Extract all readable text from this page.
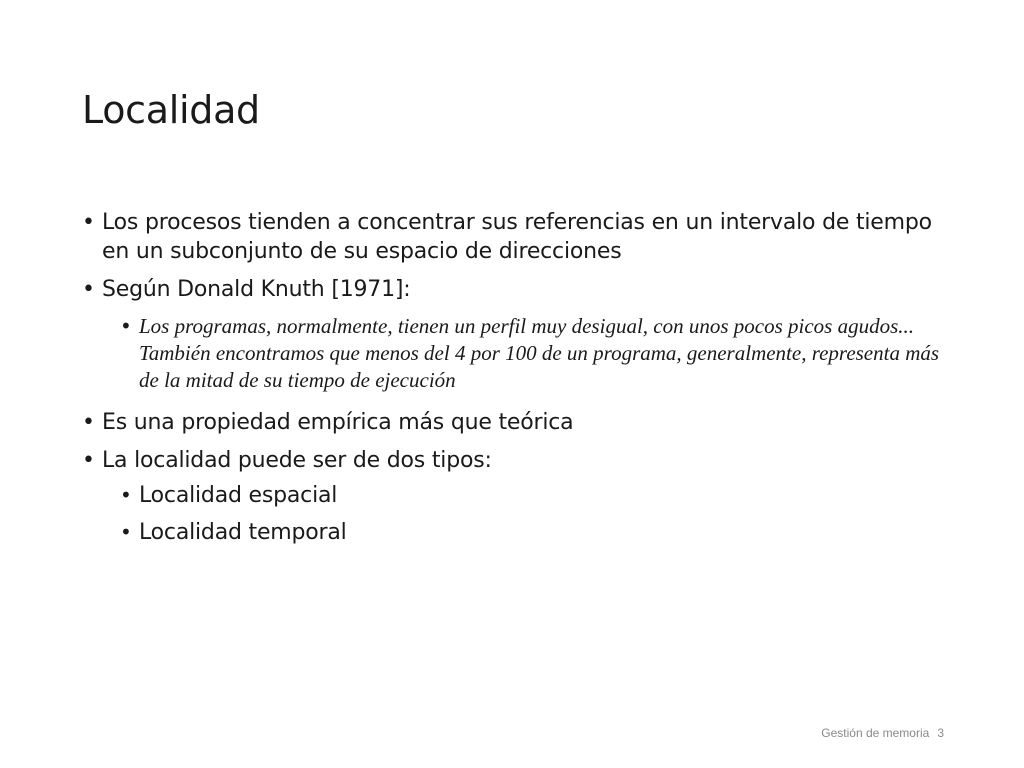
Localidad
• Los procesos tienden a concentrar sus referencias en un intervalo de tiempo en un subconjunto de su espacio de direcciones
• Según Donald Knuth [1971]:
• Los programas, normalmente, tienen un perfil muy desigual, con unos pocos picos agudos... También encontramos que menos del 4 por 100 de un programa, generalmente, representa más de la mitad de su tiempo de ejecución
• Es una propiedad empírica más que teórica
• La localidad puede ser de dos tipos:
• Localidad espacial
• Localidad temporal
Gestión de memoria 3
